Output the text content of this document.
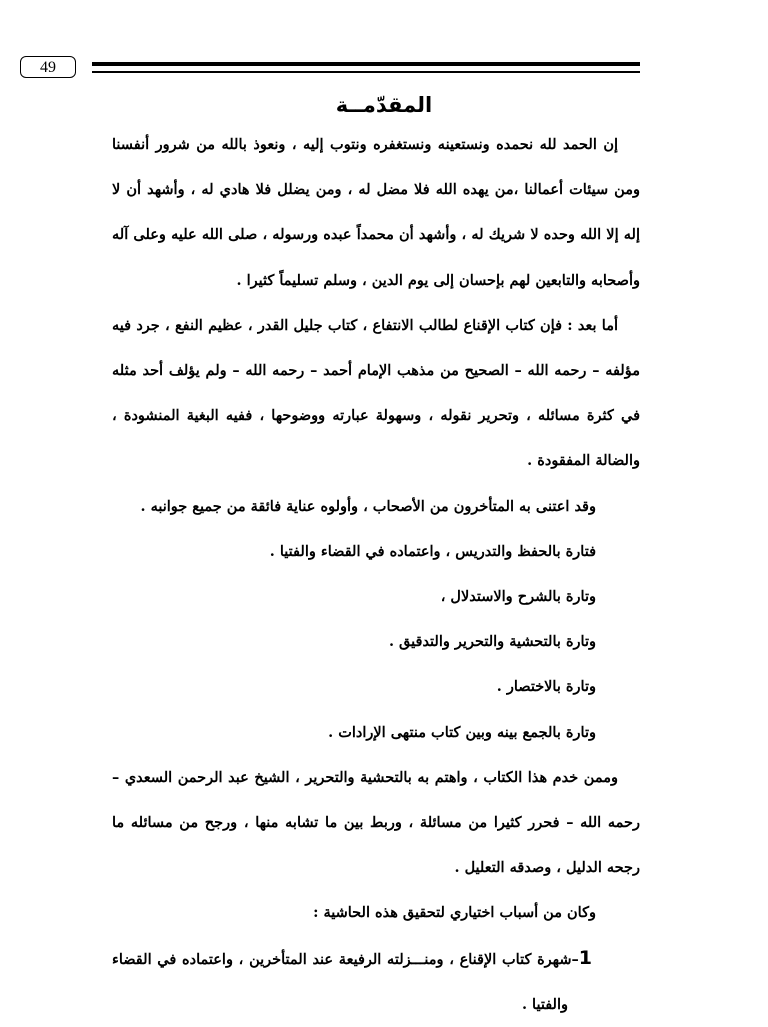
49
المقدّمــة

إن الحمد لله نحمده ونستعينه ونستغفره ونتوب إليه ، ونعوذ بالله من شرور أنفسنا ومن سيئات أعمالنا ،من يهده الله فلا مضل له ، ومن يضلل فلا هادي له ، وأشهد أن لا إله إلا الله وحده لا شريك له ، وأشهد أن محمداً عبده ورسوله ، صلى الله عليه وعلى آله وأصحابه والتابعين لهم بإحسان إلى يوم الدين ، وسلم تسليماً كثيرا .

أما بعد : فإن كتاب الإقناع لطالب الانتفاع ، كتاب جليل القدر ، عظيم النفع ، جرد فيه مؤلفه – رحمه الله – الصحيح من مذهب الإمام أحمد – رحمه الله – ولم يؤلف أحد مثله في كثرة مسائله ، وتحرير نقوله ، وسهولة عبارته ووضوحها ، ففيه البغية المنشودة ، والضالة المفقودة .

وقد اعتنى به المتأخرون من الأصحاب ، وأولوه عناية فائقة من جميع جوانبه .

فتارة بالحفظ والتدريس ، واعتماده في القضاء والفتيا .

وتارة بالشرح والاستدلال ،

وتارة بالتحشية والتحرير والتدقيق .

وتارة بالاختصار .

وتارة بالجمع بينه وبين كتاب منتهى الإرادات .

وممن خدم هذا الكتاب ، واهتم به بالتحشية والتحرير ، الشيخ عبد الرحمن السعدي – رحمه الله – فحرر كثيرا من مسائلة ، وربط بين ما تشابه منها ، ورجح من مسائله ما رجحه الدليل ، وصدقه التعليل .

وكان من أسباب اختياري لتحقيق هذه الحاشية :

1–شهرة كتاب الإقناع ، ومنـــزلته الرفيعة عند المتأخرين ، واعتماده في القضاء والفتيا .
